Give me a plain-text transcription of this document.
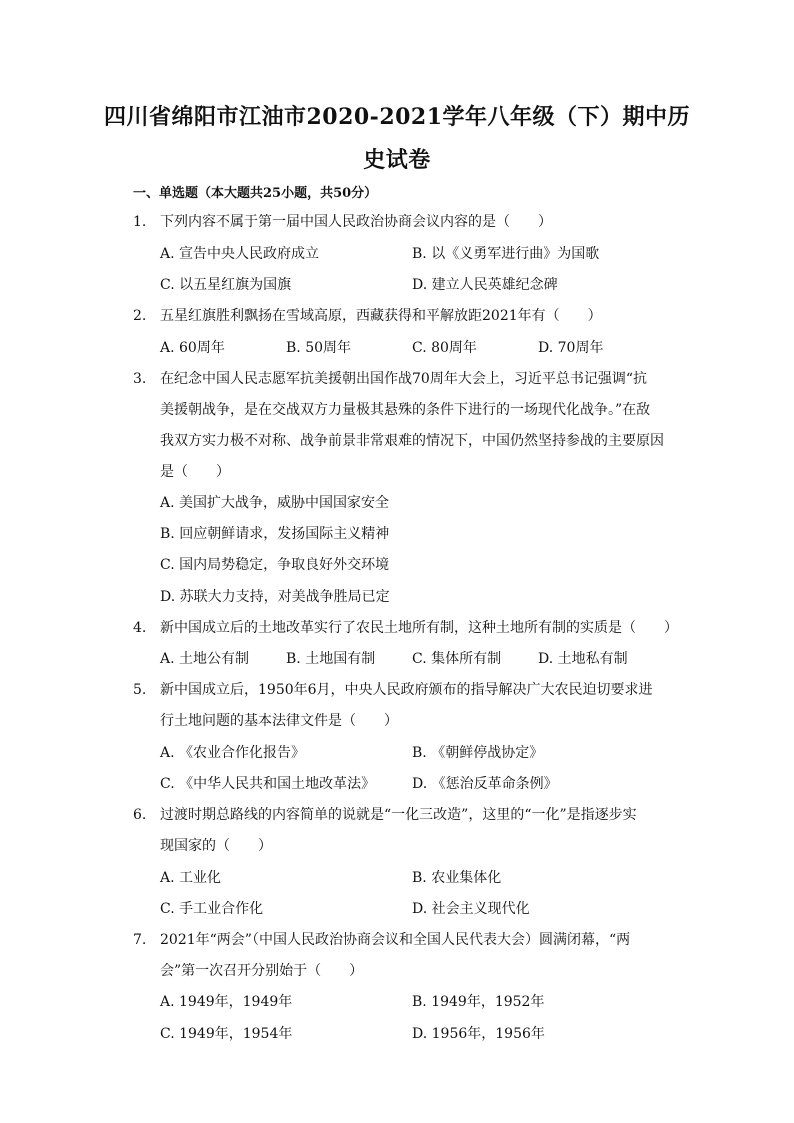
四川省绵阳市江油市2020-2021学年八年级（下）期中历
史试卷
一、单选题（本大题共25小题，共50分）
1. 下列内容不属于第一届中国人民政治协商会议内容的是（　　）
A. 宣告中央人民政府成立	B. 以《义勇军进行曲》为国歌
C. 以五星红旗为国旗	D. 建立人民英雄纪念碑
2. 五星红旗胜利飘扬在雪域高原，西藏获得和平解放距2021年有（　　）
A. 60周年	B. 50周年	C. 80周年	D. 70周年
3. 在纪念中国人民志愿军抗美援朝出国作战70周年大会上，习近平总书记强调“抗
美援朝战争，是在交战双方力量极其悬殊的条件下进行的一场现代化战争。”在敌
我双方实力极不对称、战争前景非常艰难的情况下，中国仍然坚持参战的主要原因
是（　　）
A. 美国扩大战争，威胁中国国家安全
B. 回应朝鲜请求，发扬国际主义精神
C. 国内局势稳定，争取良好外交环境
D. 苏联大力支持，对美战争胜局已定
4. 新中国成立后的土地改革实行了农民土地所有制，这种土地所有制的实质是（　　）
A. 土地公有制	B. 土地国有制	C. 集体所有制	D. 土地私有制
5. 新中国成立后，1950年6月，中央人民政府颁布的指导解决广大农民迫切要求进
行土地问题的基本法律文件是（　　）
A. 《农业合作化报告》	B. 《朝鲜停战协定》
C. 《中华人民共和国土地改革法》	D. 《惩治反革命条例》
6. 过渡时期总路线的内容简单的说就是“一化三改造”，这里的“一化”是指逐步实
现国家的（　　）
A. 工业化	B. 农业集体化
C. 手工业合作化	D. 社会主义现代化
7. 2021年“两会”（中国人民政治协商会议和全国人民代表大会）圆满闭幕，“两
会”第一次召开分别始于（　　）
A. 1949年，1949年	B. 1949年，1952年
C. 1949年，1954年	D. 1956年，1956年
